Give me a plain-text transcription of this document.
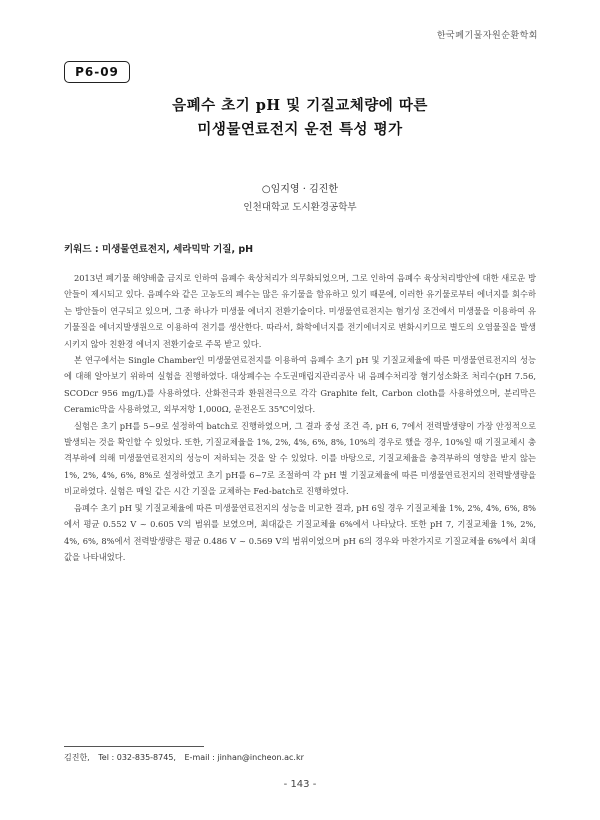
한국폐기물자원순환학회
P6-09
음폐수 초기 pH 및 기질교체량에 따른
미생물연료전지 운전 특성 평가
○임지영 · 김진한
인천대학교 도시환경공학부
키워드 : 미생물연료전지, 세라믹막 기질, pH

2013년 폐기물 해양배출 금지로 인하여 음폐수 육상처리가 의무화되었으며, 그로 인하여 음폐수 육상처리방안에 대한 새로운 방안들이 제시되고 있다. 음폐수와 같은 고농도의 폐수는 많은 유기물을 함유하고 있기 때문에, 이러한 유기물로부터 에너지를 회수하는 방안들이 연구되고 있으며, 그중 하나가 미생물 에너지 전환기술이다. 미생물연료전지는 혐기성 조건에서 미생물을 이용하여 유기물질을 에너지발생원으로 이용하여 전기를 생산한다. 따라서, 화학에너지를 전기에너지로 변화시키므로 별도의 오염물질을 발생시키지 않아 친환경 에너지 전환기술로 주목 받고 있다.

본 연구에서는 Single Chamber인 미생물연료전지를 이용하여 음폐수 초기 pH 및 기질교체율에 따른 미생물연료전지의 성능에 대해 알아보기 위하여 실험을 진행하였다. 대상폐수는 수도권매립지관리공사 내 음폐수처리장 혐기성소화조 처리수(pH 7.56, SCODcr 956 mg/L)를 사용하였다. 산화전극과 환원전극으로 각각 Graphite felt, Carbon cloth를 사용하였으며, 분리막은 Ceramic막을 사용하였고, 외부저항 1,000Ω, 운전온도 35℃이었다.

실험은 초기 pH를 5~9로 설정하여 batch로 진행하였으며, 그 결과 중성 조건 즉, pH 6, 7에서 전력발생량이 가장 안정적으로 발생되는 것을 확인할 수 있었다. 또한, 기질교체율을 1%, 2%, 4%, 6%, 8%, 10%의 경우로 했을 경우, 10%일 때 기질교체시 충격부하에 의해 미생물연료전지의 성능이 저하되는 것을 알 수 있었다. 이를 바탕으로, 기질교체율을 충격부하의 영향을 받지 않는 1%, 2%, 4%, 6%, 8%로 설정하였고 초기 pH를 6~7로 조절하여 각 pH 별 기질교체율에 따른 미생물연료전지의 전력발생량을 비교하였다. 실험은 매일 같은 시간 기질을 교체하는 Fed-batch로 진행하였다.

음폐수 초기 pH 및 기질교체율에 따른 미생물연료전지의 성능을 비교한 결과, pH 6일 경우 기질교체율 1%, 2%, 4%, 6%, 8%에서 평균 0.552 V ~ 0.605 V의 범위를 보였으며, 최대값은 기질교체율 6%에서 나타났다. 또한 pH 7, 기질교체율 1%, 2%, 4%, 6%, 8%에서 전력발생량은 평균 0.486 V ~ 0.569 V의 범위이었으며 pH 6의 경우와 마찬가지로 기질교체율 6%에서 최대값을 나타내었다.

김진한, Tel : 032-835-8745, E-mail : jinhan@incheon.ac.kr
- 143 -
